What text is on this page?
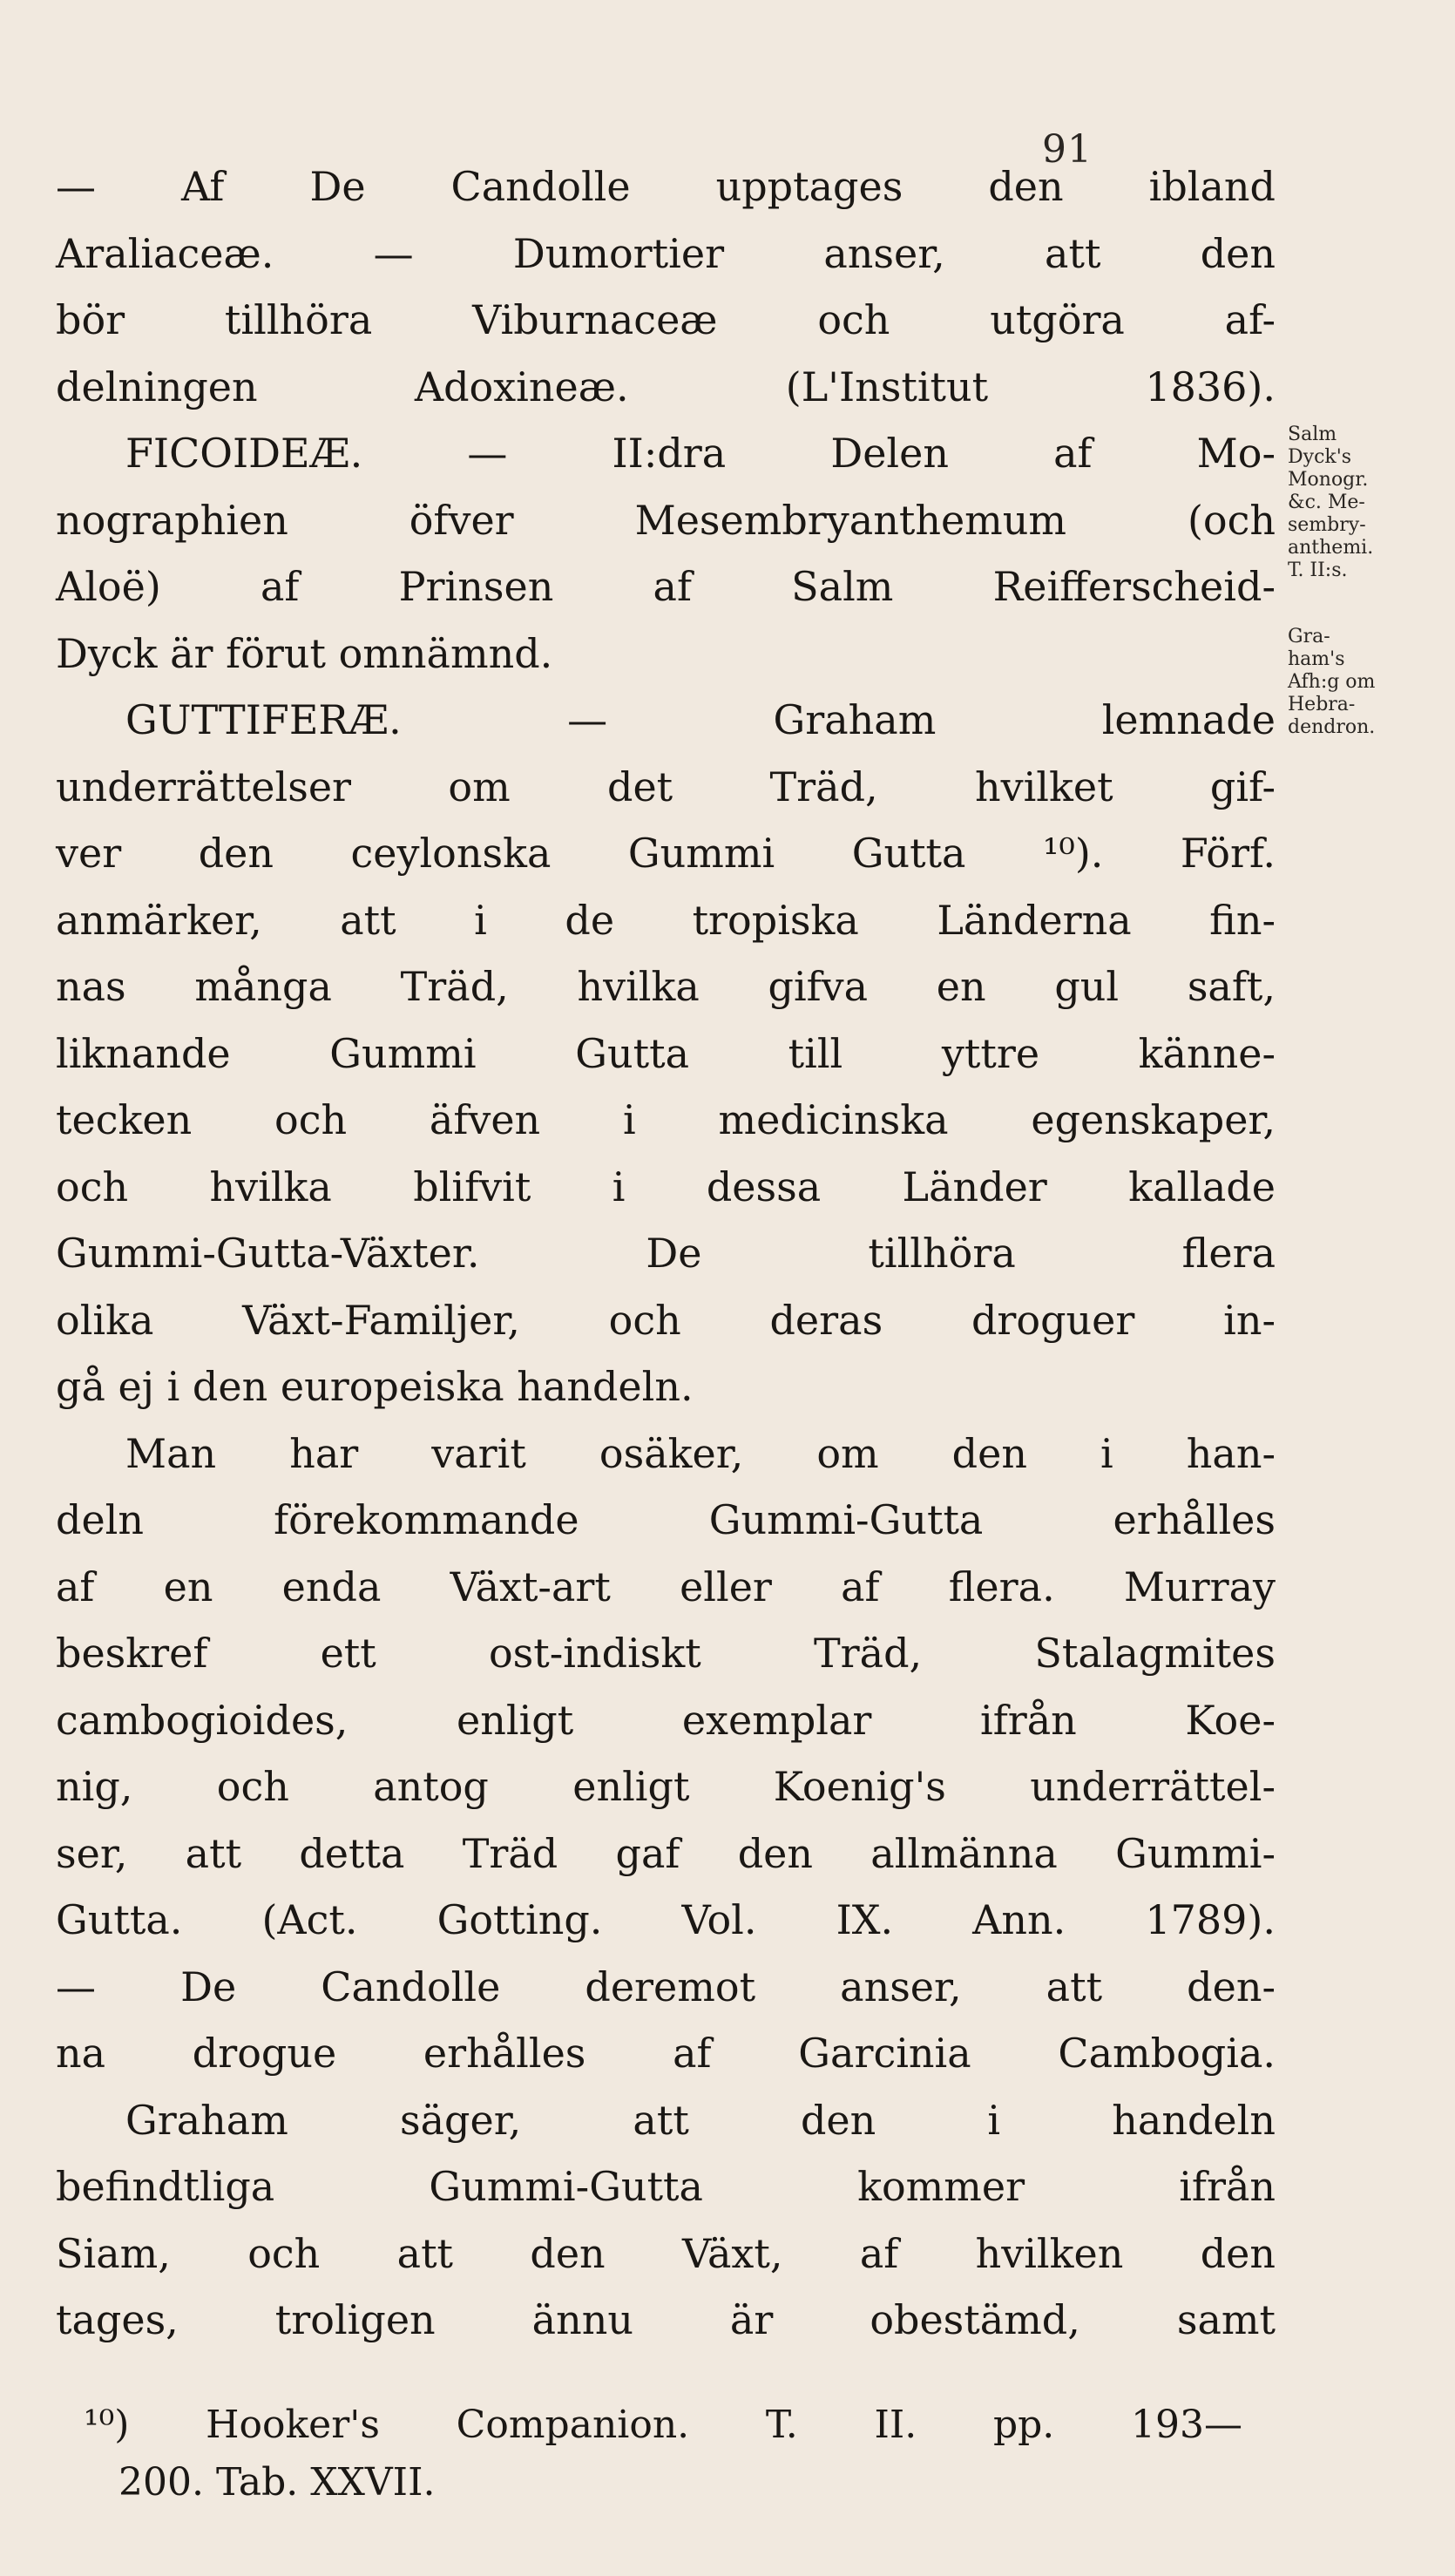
91
— Af De Candolle upptages den ibland
Araliaceæ. — Dumortier anser, att den
bör tillhöra Viburnaceæ och utgöra af-
delningen Adoxineæ. (L'Institut 1836).
FICOIDEÆ. — II:dra Delen af Mo-
nographien öfver Mesembryanthemum (och
Aloë) af Prinsen af Salm Reifferscheid-
Dyck är förut omnämnd.
GUTTIFERÆ. — Graham lemnade
underrättelser om det Träd, hvilket gif-
ver den ceylonska Gummi Gutta ¹⁰). Förf.
anmärker, att i de tropiska Länderna fin-
nas många Träd, hvilka gifva en gul saft,
liknande Gummi Gutta till yttre känne-
tecken och äfven i medicinska egenskaper,
och hvilka blifvit i dessa Länder kallade
Gummi-Gutta-Växter. De tillhöra flera
olika Växt-Familjer, och deras droguer in-
gå ej i den europeiska handeln.
Man har varit osäker, om den i han-
deln förekommande Gummi-Gutta erhålles
af en enda Växt-art eller af flera. Murray
beskref ett ost-indiskt Träd, Stalagmites
cambogioides, enligt exemplar ifrån Koe-
nig, och antog enligt Koenig's underrättel-
ser, att detta Träd gaf den allmänna Gummi-
Gutta. (Act. Gotting. Vol. IX. Ann. 1789).
— De Candolle deremot anser, att den-
na drogue erhålles af Garcinia Cambogia.
Graham säger, att den i handeln
befindtliga Gummi-Gutta kommer ifrån
Siam, och att den Växt, af hvilken den
tages, troligen ännu är obestämd, samt
Salm
Dyck's
Monogr.
&c. Me-
sembry-
anthemi.
T. II:s.
Gra-
ham's
Afh:g om
Hebra-
dendron.
¹⁰) Hooker's Companion. T. II. pp. 193—
200. Tab. XXVII.
